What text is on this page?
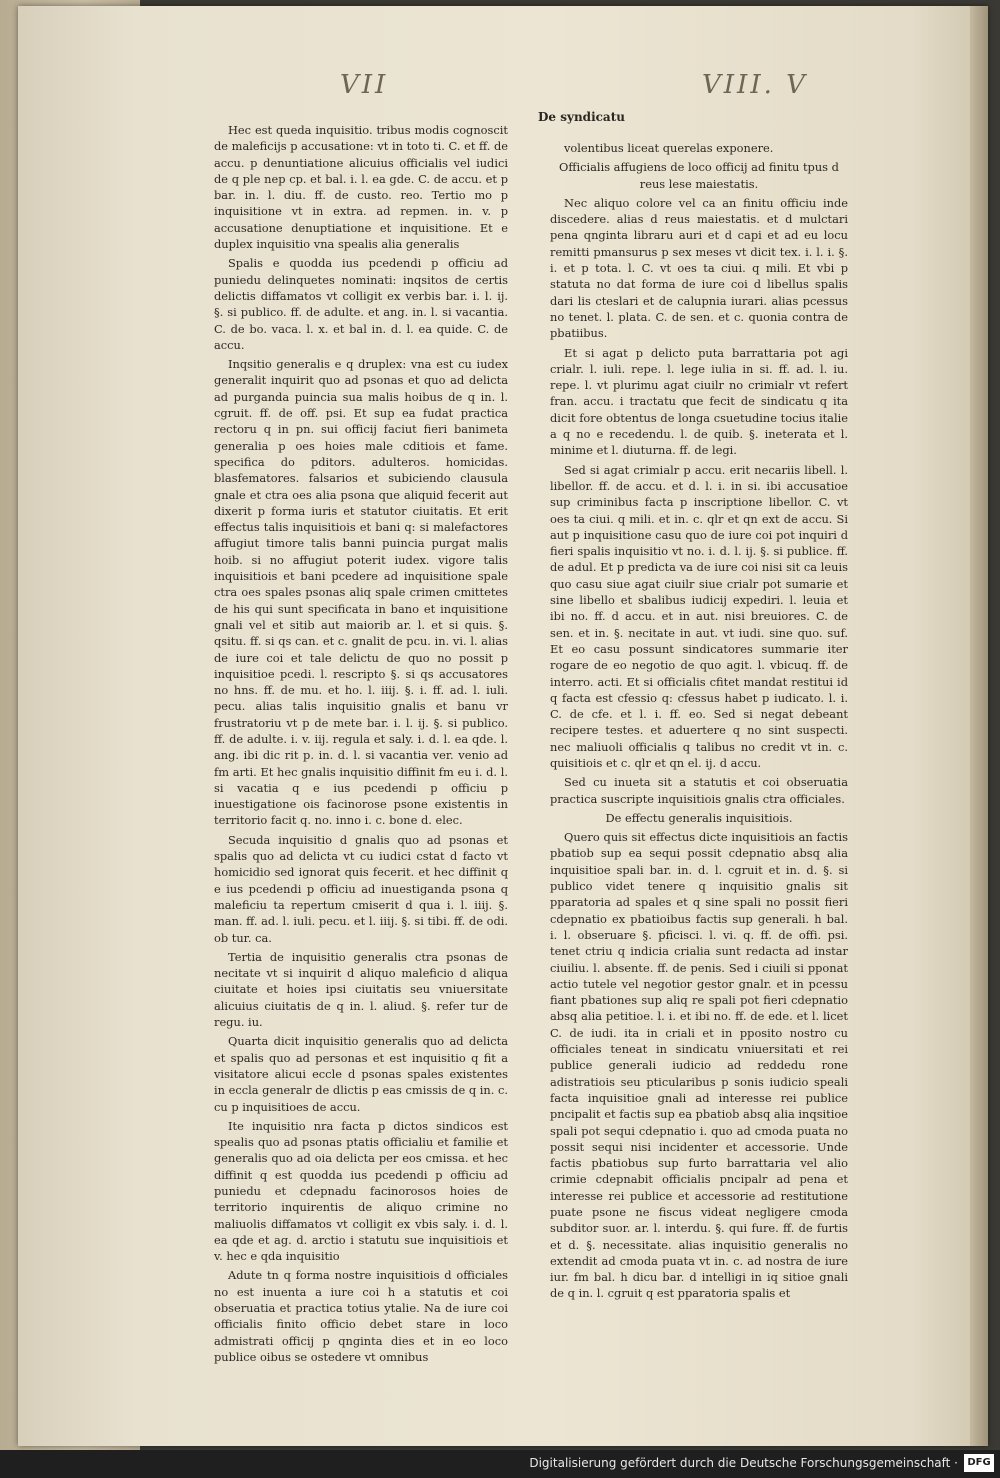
VII	VIII. V
De syndicatu

Hec est queda inquisitio. tribus modis cognoscit de maleficijs p accusatione: vt in toto ti. C. et ff. de accu. p denuntiatione alicuius officialis vel iudici de q ple nep cp. et bal. i. l. ea gde. C. de accu. et p bar. in. l. diu. ff. de custo. reo. Tertio mo p inquisitione vt in extra. ad repmen. in. v. p accusatione denuptiatione et inquisitione. Et e duplex inquisitio vna spealis alia generalis

Spalis e quodda ius pcedendi p officiu ad puniedu delinquetes nominati: inqsitos de certis delictis diffamatos vt colligit ex verbis bar. i. l. ij. §. si publico. ff. de adulte. et ang. in. l. si vacantia. C. de bo. vaca. l. x. et bal in. d. l. ea quide. C. de accu.

Inqsitio generalis e q druplex: vna est cu iudex generalit inquirit quo ad psonas et quo ad delicta ad purganda puincia sua malis hoibus de q in. l. cgruit. ff. de off. psi. Et sup ea fudat practica rectoru q in pn. sui officij faciut fieri banimeta generalia p oes hoies male cditiois et fame. specifica do pditors. adulteros. homicidas. blasfematores. falsarios et subiciendo clausula gnale et ctra oes alia psona que aliquid fecerit aut dixerit p forma iuris et statutor ciuitatis. Et erit effectus talis inquisitiois et bani q: si malefactores affugiut timore talis banni puincia purgat malis hoib. si no affugiut poterit iudex. vigore talis inquisitiois et bani pcedere ad inquisitione spale ctra oes spales psonas aliq spale crimen cmittetes de his qui sunt specificata in bano et inquisitione gnali vel et sitib aut maiorib ar. l. et si quis. §. qsitu. ff. si qs can. et c. gnalit de pcu. in. vi. l. alias de iure coi et tale delictu de quo no possit p inquisitioe pcedi. l. rescripto §. si qs accusatores no hns. ff. de mu. et ho. l. iiij. §. i. ff. ad. l. iuli. pecu. alias talis inquisitio gnalis et banu vr frustratoriu vt p de mete bar. i. l. ij. §. si publico. ff. de adulte. i. v. iij. regula et saly. i. d. l. ea qde. l. ang. ibi dic rit p. in. d. l. si vacantia ver. venio ad fm arti. Et hec gnalis inquisitio diffinit fm eu i. d. l. si vacatia q e ius pcedendi p officiu p inuestigatione ois facinorose psone existentis in territorio facit q. no. inno i. c. bone d. elec.

Secuda inquisitio d gnalis quo ad psonas et spalis quo ad delicta vt cu iudici cstat d facto vt homicidio sed ignorat quis fecerit. et hec diffinit q e ius pcedendi p officiu ad inuestiganda psona q maleficiu ta repertum cmiserit d qua i. l. iiij. §. man. ff. ad. l. iuli. pecu. et l. iiij. §. si tibi. ff. de odi. ob tur. ca.

Tertia de inquisitio generalis ctra psonas de necitate vt si inquirit d aliquo maleficio d aliqua ciuitate et hoies ipsi ciuitatis seu vniuersitate alicuius ciuitatis de q in. l. aliud. §. refer tur de regu. iu.

Quarta dicit inquisitio generalis quo ad delicta et spalis quo ad personas et est inquisitio q fit a visitatore alicui eccle d psonas spales existentes in eccla generalr de dlictis p eas cmissis de q in. c. cu p inquisitioes de accu.

Ite inquisitio nra facta p dictos sindicos est spealis quo ad psonas ptatis officialiu et familie et generalis quo ad oia delicta per eos cmissa. et hec diffinit q est quodda ius pcedendi p officiu ad puniedu et cdepnadu facinorosos hoies de territorio inquirentis de aliquo crimine no maliuolis diffamatos vt colligit ex vbis saly. i. d. l. ea qde et ag. d. arctio i statutu sue inquisitiois et v. hec e qda inquisitio

Adute tn q forma nostre inquisitiois d officiales no est inuenta a iure coi h a statutis et coi obseruatia et practica totius ytalie. Na de iure coi officialis finito officio debet stare in loco admistrati officij p qnginta dies et in eo loco publice oibus se ostedere vt omnibus

volentibus liceat querelas exponere.

Officialis affugiens de loco officij ad finitu tpus d reus lese maiestatis.

Nec aliquo colore vel ca an finitu officiu inde discedere. alias d reus maiestatis. et d mulctari pena qnginta libraru auri et d capi et ad eu locu remitti pmansurus p sex meses vt dicit tex. i. l. i. §. i. et p tota. l. C. vt oes ta ciui. q mili. Et vbi p statuta no dat forma de iure coi d libellus spalis dari lis cteslari et de calupnia iurari. alias pcessus no tenet. l. plata. C. de sen. et c. quonia contra de pbatiibus.

Et si agat p delicto puta barrattaria pot agi crialr. l. iuli. repe. l. lege iulia in si. ff. ad. l. iu. repe. l. vt plurimu agat ciuilr no crimialr vt refert fran. accu. i tractatu que fecit de sindicatu q ita dicit fore obtentus de longa csuetudine tocius italie a q no e recedendu. l. de quib. §. ineterata et l. minime et l. diuturna. ff. de legi.

Sed si agat crimialr p accu. erit necariis libell. l. libellor. ff. de accu. et d. l. i. in si. ibi accusatioe sup criminibus facta p inscriptione libellor. C. vt oes ta ciui. q mili. et in. c. qlr et qn ext de accu. Si aut p inquisitione casu quo de iure coi pot inquiri d fieri spalis inquisitio vt no. i. d. l. ij. §. si publice. ff. de adul. Et p predicta va de iure coi nisi sit ca leuis quo casu siue agat ciuilr siue crialr pot sumarie et sine libello et sbalibus iudicij expediri. l. leuia et ibi no. ff. d accu. et in aut. nisi breuiores. C. de sen. et in. §. necitate in aut. vt iudi. sine quo. suf. Et eo casu possunt sindicatores summarie iter rogare de eo negotio de quo agit. l. vbicuq. ff. de interro. acti. Et si officialis cfitet mandat restitui id q facta est cfessio q: cfessus habet p iudicato. l. i. C. de cfe. et l. i. ff. eo. Sed si negat debeant recipere testes. et aduertere q no sint suspecti. nec maliuoli officialis q talibus no credit vt in. c. quisitiois et c. qlr et qn el. ij. d accu.

Sed cu inueta sit a statutis et coi obseruatia practica suscripte inquisitiois gnalis ctra officiales.

De effectu generalis inquisitiois.

Quero quis sit effectus dicte inquisitiois an factis pbatiob sup ea sequi possit cdepnatio absq alia inquisitioe spali bar. in. d. l. cgruit et in. d. §. si publico videt tenere q inquisitio gnalis sit pparatoria ad spales et q sine spali no possit fieri cdepnatio ex pbatioibus factis sup generali. h bal. i. l. obseruare §. pficisci. l. vi. q. ff. de offi. psi. tenet ctriu q indicia crialia sunt redacta ad instar ciuiliu. l. absente. ff. de penis. Sed i ciuili si pponat actio tutele vel negotior gestor gnalr. et in pcessu fiant pbationes sup aliq re spali pot fieri cdepnatio absq alia petitioe. l. i. et ibi no. ff. de ede. et l. licet C. de iudi. ita in criali et in pposito nostro cu officiales teneat in sindicatu vniuersitati et rei publice generali iudicio ad reddedu rone adistratiois seu pticularibus p sonis iudicio speali facta inquisitioe gnali ad interesse rei publice pncipalit et factis sup ea pbatiob absq alia inqsitioe spali pot sequi cdepnatio i. quo ad cmoda puata no possit sequi nisi incidenter et accessorie. Unde factis pbatiobus sup furto barrattaria vel alio crimie cdepnabit officialis pncipalr ad pena et interesse rei publice et accessorie ad restitutione puate psone ne fiscus videat negligere cmoda subditor suor. ar. l. interdu. §. qui fure. ff. de furtis et d. §. necessitate. alias inquisitio generalis no extendit ad cmoda puata vt in. c. ad nostra de iure iur. fm bal. h dicu bar. d intelligi in iq sitioe gnali de q in. l. cgruit q est pparatoria spalis et

Digitalisierung gefördert durch die Deutsche Forschungsgemeinschaft · DFG
